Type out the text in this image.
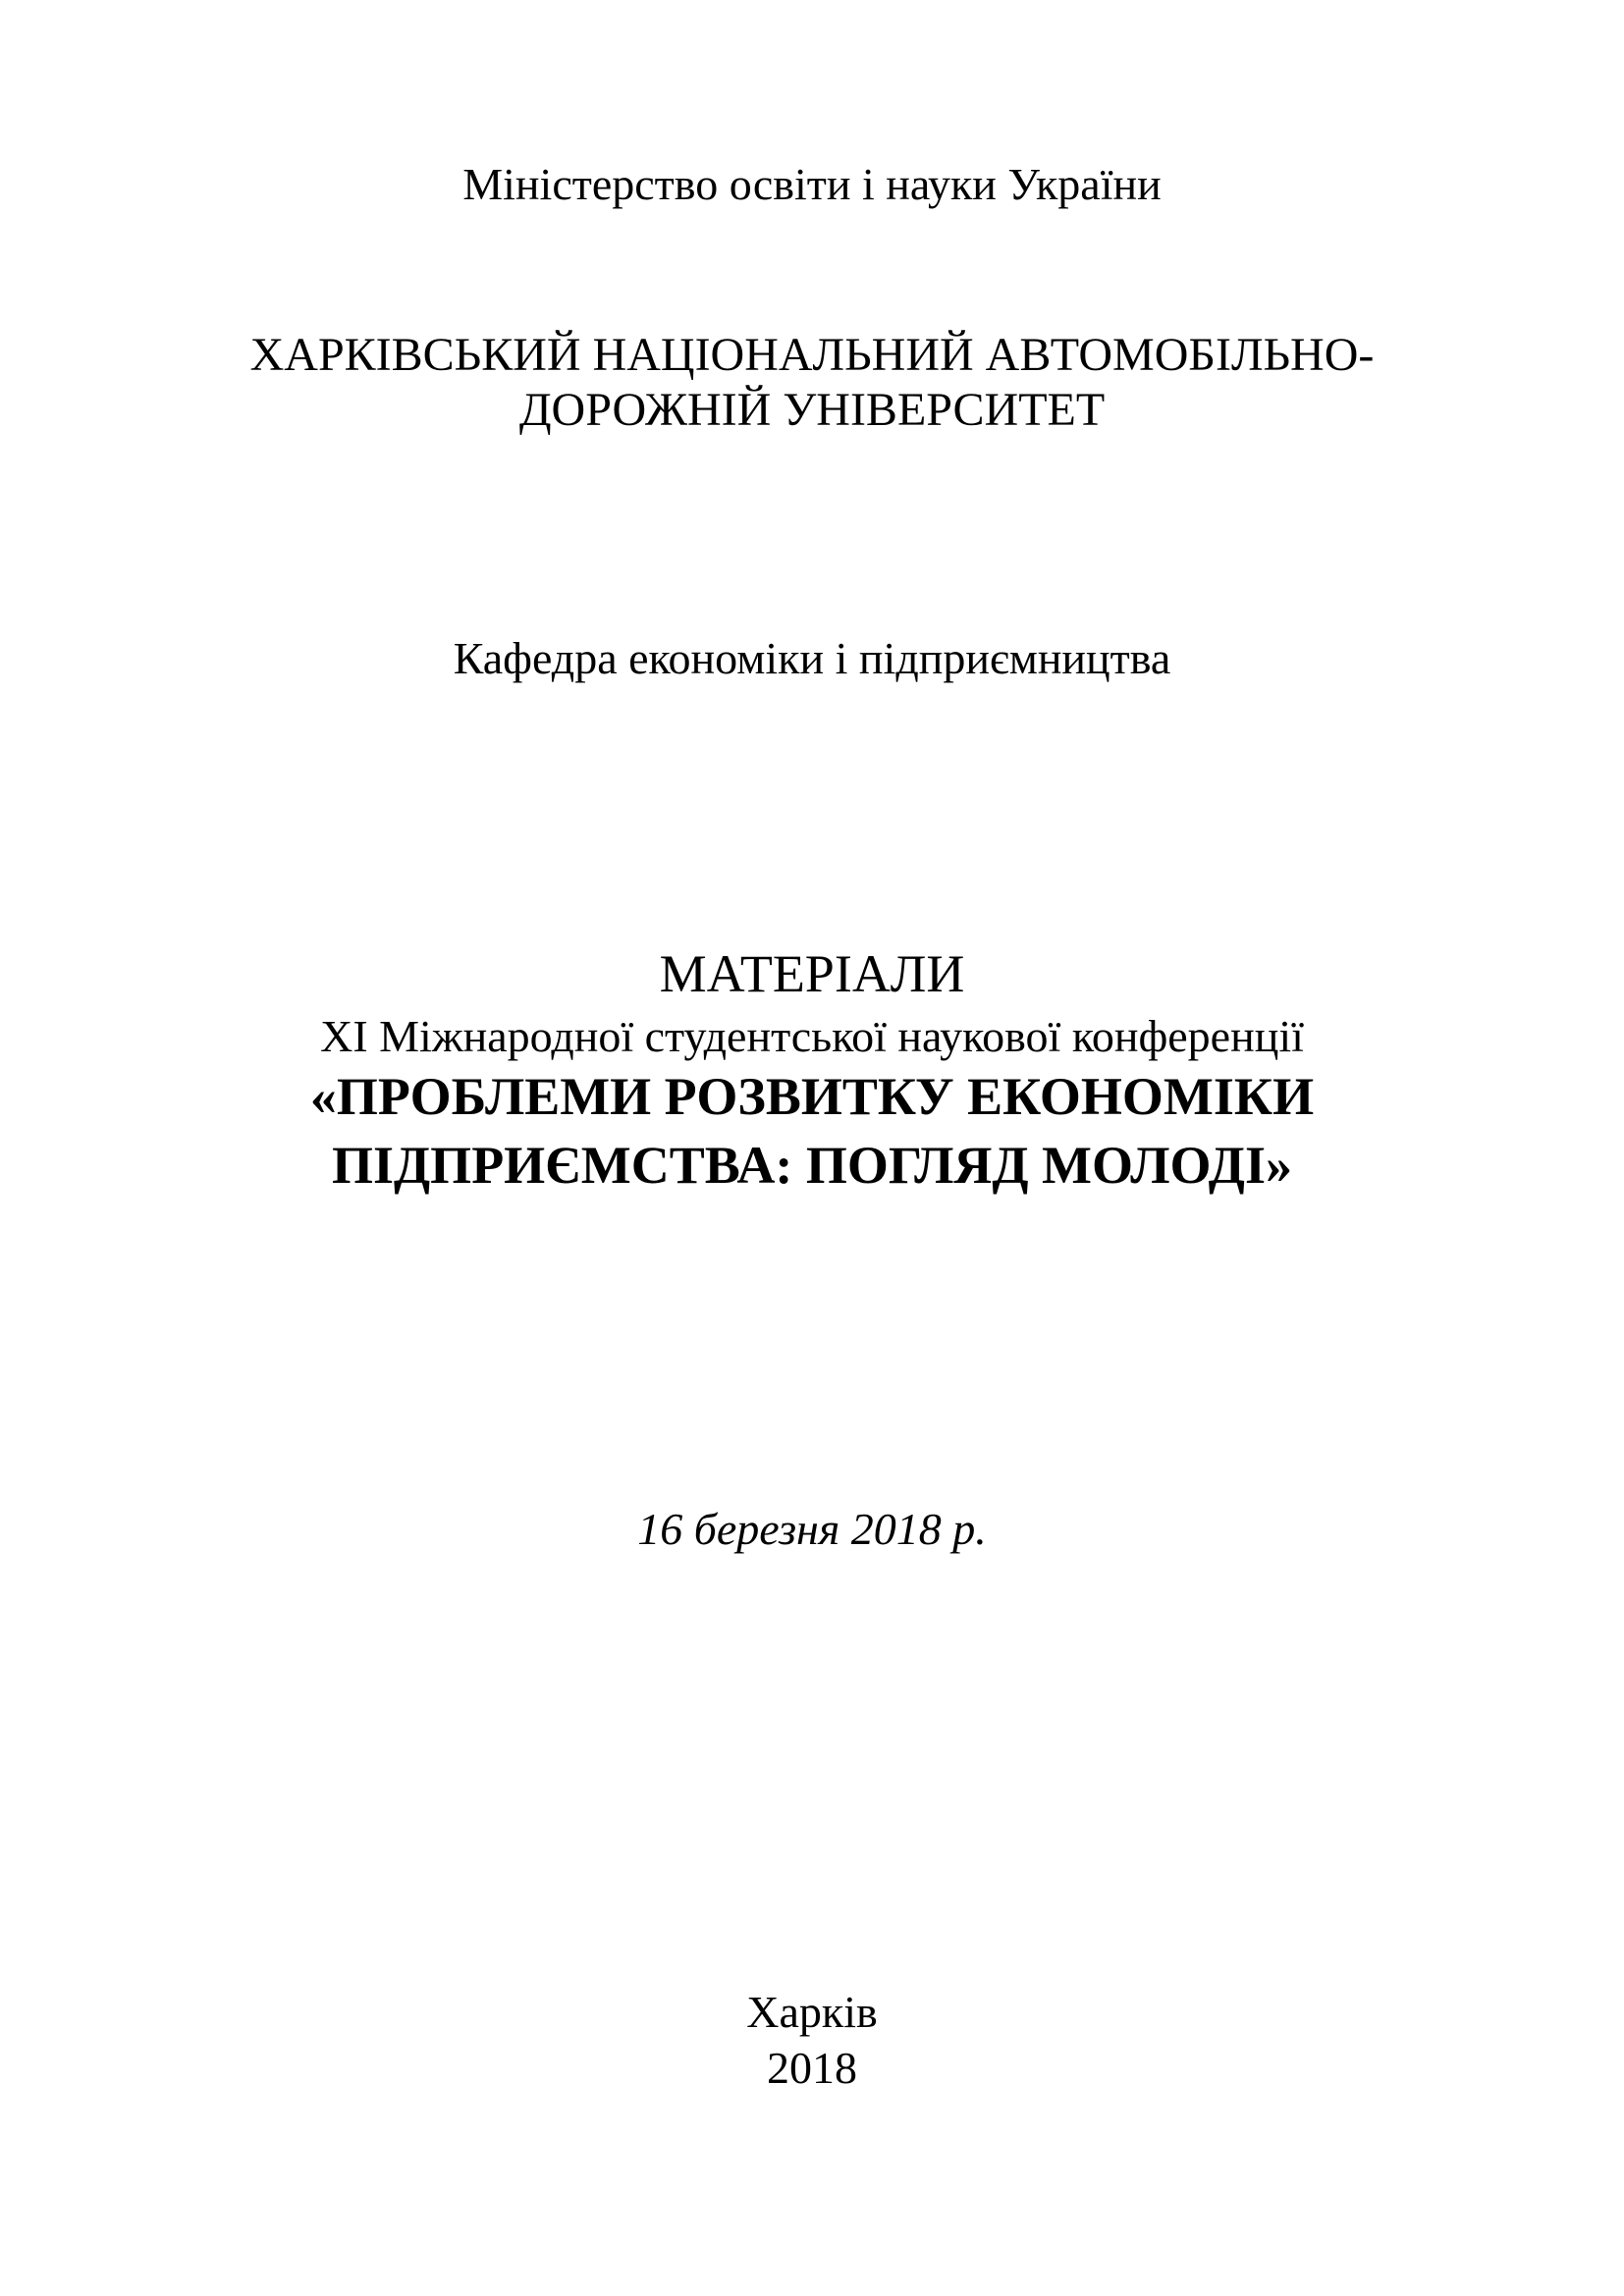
Міністерство освіти і науки України
ХАРКІВСЬКИЙ НАЦІОНАЛЬНИЙ АВТОМОБІЛЬНО-
ДОРОЖНІЙ УНІВЕРСИТЕТ
Кафедра економіки і підприємництва
МАТЕРІАЛИ
XI Міжнародної студентської наукової конференції
«ПРОБЛЕМИ РОЗВИТКУ ЕКОНОМІКИ
ПІДПРИЄМСТВА: ПОГЛЯД МОЛОДІ»
16 березня 2018 р.
Харків
2018
